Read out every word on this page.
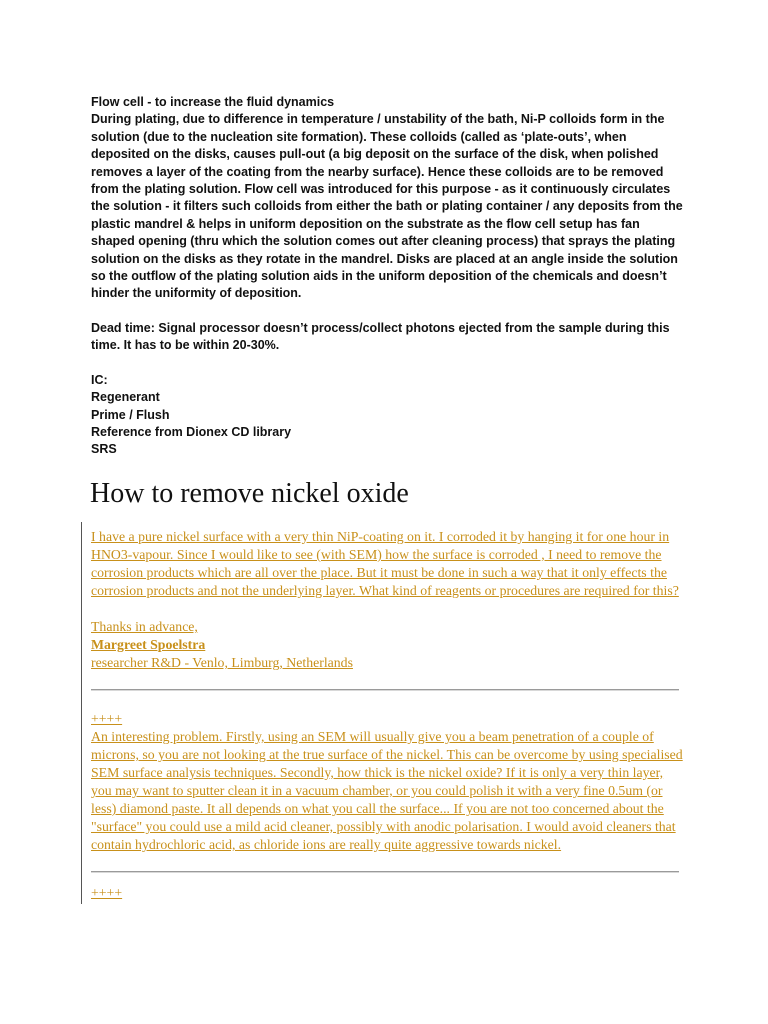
Flow cell - to increase the fluid dynamics

During plating, due to difference in temperature / unstability of the bath, Ni-P colloids form in the solution (due to the nucleation site formation). These colloids (called as ‘plate-outs’, when deposited on the disks, causes pull-out (a big deposit on the surface of the disk, when polished removes a layer of the coating from the nearby surface). Hence these colloids are to be removed from the plating solution. Flow cell was introduced for this purpose - as it continuously circulates the solution - it filters such colloids from either the bath or plating container / any deposits from the plastic mandrel & helps in uniform deposition on the substrate as the flow cell setup has fan shaped opening (thru which the solution comes out after cleaning process) that sprays the plating solution on the disks as they rotate in the mandrel. Disks are placed at an angle inside the solution so the outflow of the plating solution aids in the uniform deposition of the chemicals and doesn’t hinder the uniformity of deposition.

Dead time: Signal processor doesn’t process/collect photons ejected from the sample during this time. It has to be within 20-30%.

IC:

Regenerant

Prime / Flush

Reference from Dionex CD library

SRS

How to remove nickel oxide

I have a pure nickel surface with a very thin NiP-coating on it. I corroded it by hanging it for one hour in HNO3-vapour. Since I would like to see (with SEM) how the surface is corroded , I need to remove the corrosion products which are all over the place. But it must be done in such a way that it only effects the corrosion products and not the underlying layer. What kind of reagents or procedures are required for this?

Thanks in advance,

Margreet Spoelstra

researcher R&D - Venlo, Limburg, Netherlands

++++

An interesting problem. Firstly, using an SEM will usually give you a beam penetration of a couple of microns, so you are not looking at the true surface of the nickel. This can be overcome by using specialised SEM surface analysis techniques. Secondly, how thick is the nickel oxide? If it is only a very thin layer, you may want to sputter clean it in a vacuum chamber, or you could polish it with a very fine 0.5um (or less) diamond paste. It all depends on what you call the surface... If you are not too concerned about the "surface" you could use a mild acid cleaner, possibly with anodic polarisation. I would avoid cleaners that contain hydrochloric acid, as chloride ions are really quite aggressive towards nickel.

++++
